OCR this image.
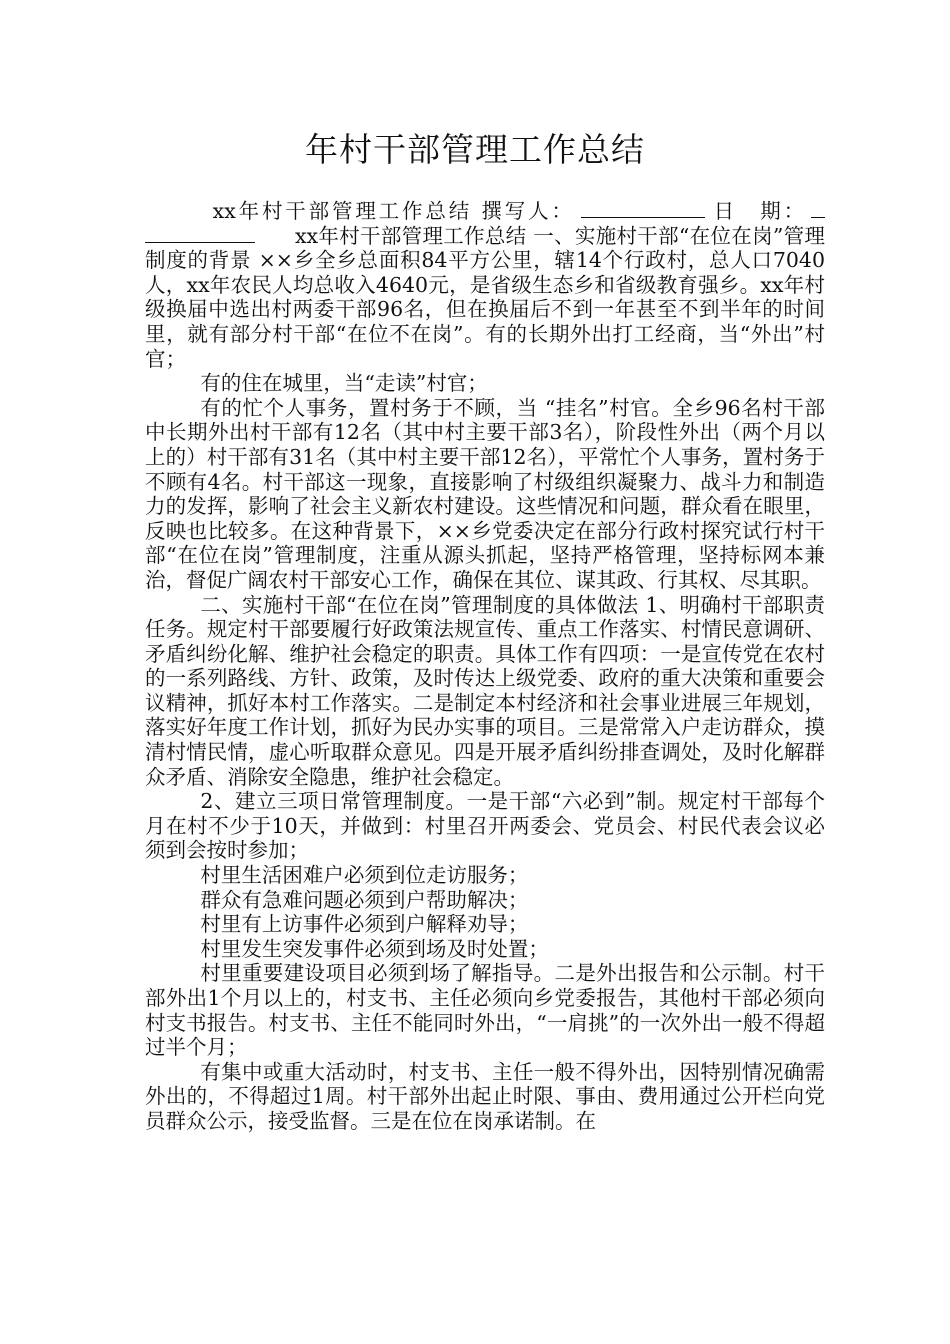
年村干部管理工作总结

xx年村干部管理工作总结 撰写人：	日　期： xx年村干部管理工作总结 一、实施村干部“在位在岗”管理制度的背景 ××乡全乡总面积84平方公里，辖14个行政村，总人口7040人，xx年农民人均总收入4640元，是省级生态乡和省级教育强乡。xx年村级换届中选出村两委干部96名，但在换届后不到一年甚至不到半年的时间里，就有部分村干部“在位不在岗”。有的长期外出打工经商，当“外出”村官；

有的住在城里，当“走读”村官；

有的忙个人事务，置村务于不顾，当 “挂名”村官。全乡96名村干部中长期外出村干部有12名（其中村主要干部3名），阶段性外出（两个月以上的）村干部有31名（其中村主要干部12名），平常忙个人事务，置村务于不顾有4名。村干部这一现象，直接影响了村级组织凝聚力、战斗力和制造力的发挥，影响了社会主义新农村建设。这些情况和问题，群众看在眼里，反映也比较多。在这种背景下，××乡党委决定在部分行政村探究试行村干部“在位在岗”管理制度，注重从源头抓起，坚持严格管理，坚持标网本兼治，督促广阔农村干部安心工作，确保在其位、谋其政、行其权、尽其职。

二、实施村干部“在位在岗”管理制度的具体做法 1、明确村干部职责任务。规定村干部要履行好政策法规宣传、重点工作落实、村情民意调研、矛盾纠纷化解、维护社会稳定的职责。具体工作有四项：一是宣传党在农村的一系列路线、方针、政策，及时传达上级党委、政府的重大决策和重要会议精神，抓好本村工作落实。二是制定本村经济和社会事业进展三年规划，落实好年度工作计划，抓好为民办实事的项目。三是常常入户走访群众，摸清村情民情，虚心听取群众意见。四是开展矛盾纠纷排查调处，及时化解群众矛盾、消除安全隐患，维护社会稳定。

2、建立三项日常管理制度。一是干部“六必到”制。规定村干部每个月在村不少于10天，并做到：村里召开两委会、党员会、村民代表会议必须到会按时参加；

村里生活困难户必须到位走访服务；

群众有急难问题必须到户帮助解决；

村里有上访事件必须到户解释劝导；

村里发生突发事件必须到场及时处置；

村里重要建设项目必须到场了解指导。二是外出报告和公示制。村干部外出1个月以上的，村支书、主任必须向乡党委报告，其他村干部必须向村支书报告。村支书、主任不能同时外出，“一肩挑”的一次外出一般不得超过半个月；

有集中或重大活动时，村支书、主任一般不得外出，因特别情况确需外出的，不得超过1周。村干部外出起止时限、事由、费用通过公开栏向党员群众公示，接受监督。三是在位在岗承诺制。在
